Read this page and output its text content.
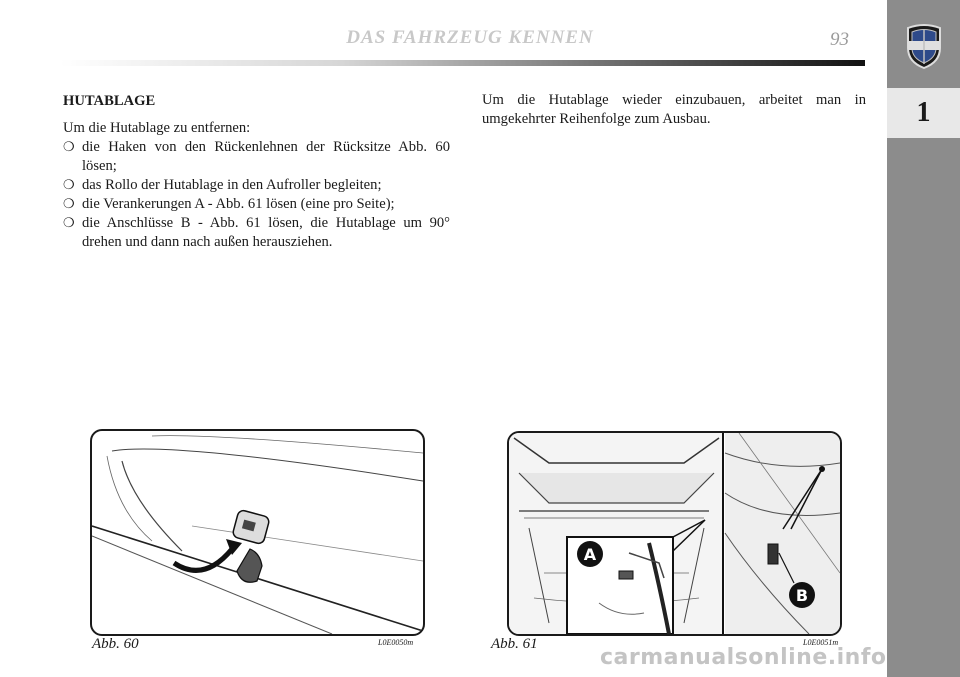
DAS FAHRZEUG KENNEN	93
1
HUTABLAGE

Um die Hutablage zu entfernen:

❍ die Haken von den Rückenlehnen der Rücksitze Abb. 60 lösen;
❍ das Rollo der Hutablage in den Aufroller begleiten;
❍ die Verankerungen A - Abb. 61 lösen (eine pro Seite);
❍ die Anschlüsse B - Abb. 61 lösen, die Hutablage um 90° drehen und dann nach außen herausziehen.

Um die Hutablage wieder einzubauen, arbeitet man in umgekehrter Reihenfolge zum Ausbau.

Abb. 60	L0E0050m
A
B
Abb. 61	L0E0051m
carmanualsonline.info
